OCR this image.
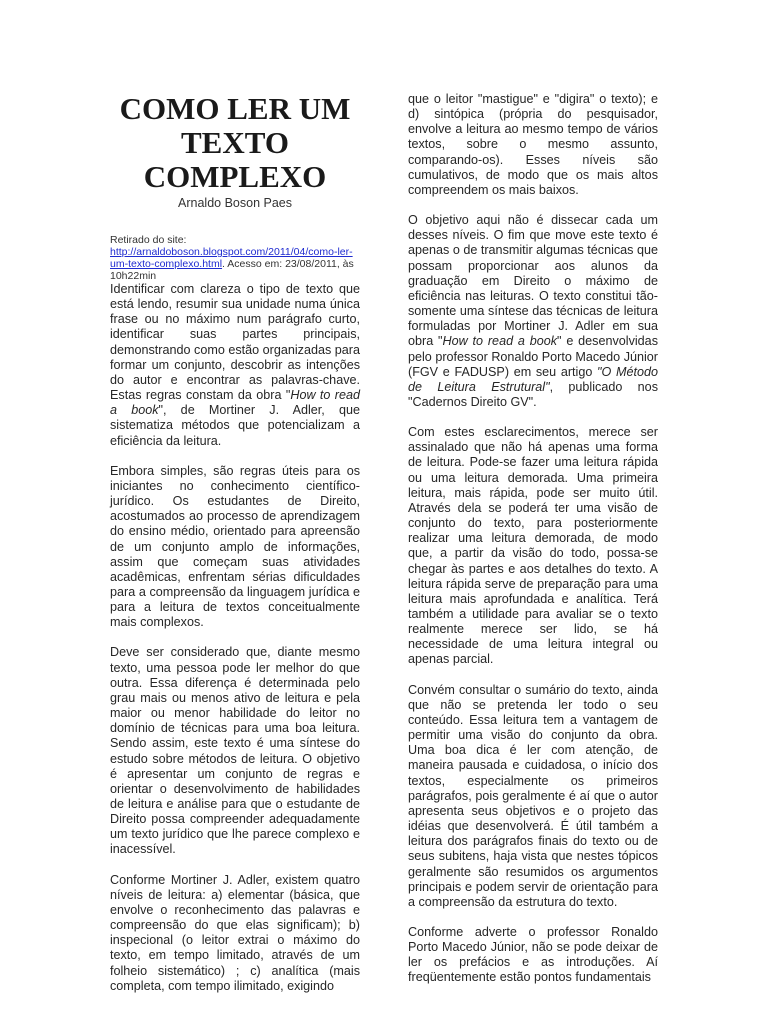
COMO LER UM
TEXTO
COMPLEXO

Arnaldo Boson Paes

Retirado do site:
http://arnaldoboson.blogspot.com/2011/04/como-ler-um-texto-complexo.html. Acesso em: 23/08/2011, às 10h22min

Identificar com clareza o tipo de texto que está lendo, resumir sua unidade numa única frase ou no máximo num parágrafo curto, identificar suas partes principais, demonstrando como estão organizadas para formar um conjunto, descobrir as intenções do autor e encontrar as palavras-chave. Estas regras constam da obra "How to read a book", de Mortiner J. Adler, que sistematiza métodos que potencializam a eficiência da leitura.

Embora simples, são regras úteis para os iniciantes no conhecimento científico-jurídico. Os estudantes de Direito, acostumados ao processo de aprendizagem do ensino médio, orientado para apreensão de um conjunto amplo de informações, assim que começam suas atividades acadêmicas, enfrentam sérias dificuldades para a compreensão da linguagem jurídica e para a leitura de textos conceitualmente mais complexos.

Deve ser considerado que, diante mesmo texto, uma pessoa pode ler melhor do que outra. Essa diferença é determinada pelo grau mais ou menos ativo de leitura e pela maior ou menor habilidade do leitor no domínio de técnicas para uma boa leitura. Sendo assim, este texto é uma síntese do estudo sobre métodos de leitura. O objetivo é apresentar um conjunto de regras e orientar o desenvolvimento de habilidades de leitura e análise para que o estudante de Direito possa compreender adequadamente um texto jurídico que lhe parece complexo e inacessível.

Conforme Mortiner J. Adler, existem quatro níveis de leitura: a) elementar (básica, que envolve o reconhecimento das palavras e compreensão do que elas significam); b) inspecional (o leitor extrai o máximo do texto, em tempo limitado, através de um folheio sistemático) ; c) analítica (mais completa, com tempo ilimitado, exigindo

que o leitor "mastigue" e "digira" o texto); e d) sintópica (própria do pesquisador, envolve a leitura ao mesmo tempo de vários textos, sobre o mesmo assunto, comparando-os). Esses níveis são cumulativos, de modo que os mais altos compreendem os mais baixos.

O objetivo aqui não é dissecar cada um desses níveis. O fim que move este texto é apenas o de transmitir algumas técnicas que possam proporcionar aos alunos da graduação em Direito o máximo de eficiência nas leituras. O texto constitui tão-somente uma síntese das técnicas de leitura formuladas por Mortiner J. Adler em sua obra "How to read a book" e desenvolvidas pelo professor Ronaldo Porto Macedo Júnior (FGV e FADUSP) em seu artigo "O Método de Leitura Estrutural", publicado nos "Cadernos Direito GV".

Com estes esclarecimentos, merece ser assinalado que não há apenas uma forma de leitura. Pode-se fazer uma leitura rápida ou uma leitura demorada. Uma primeira leitura, mais rápida, pode ser muito útil. Através dela se poderá ter uma visão de conjunto do texto, para posteriormente realizar uma leitura demorada, de modo que, a partir da visão do todo, possa-se chegar às partes e aos detalhes do texto. A leitura rápida serve de preparação para uma leitura mais aprofundada e analítica. Terá também a utilidade para avaliar se o texto realmente merece ser lido, se há necessidade de uma leitura integral ou apenas parcial.

Convém consultar o sumário do texto, ainda que não se pretenda ler todo o seu conteúdo. Essa leitura tem a vantagem de permitir uma visão do conjunto da obra. Uma boa dica é ler com atenção, de maneira pausada e cuidadosa, o início dos textos, especialmente os primeiros parágrafos, pois geralmente é aí que o autor apresenta seus objetivos e o projeto das idéias que desenvolverá. É útil também a leitura dos parágrafos finais do texto ou de seus subitens, haja vista que nestes tópicos geralmente são resumidos os argumentos principais e podem servir de orientação para a compreensão da estrutura do texto.

Conforme adverte o professor Ronaldo Porto Macedo Júnior, não se pode deixar de ler os prefácios e as introduções. Aí freqüentemente estão pontos fundamentais
